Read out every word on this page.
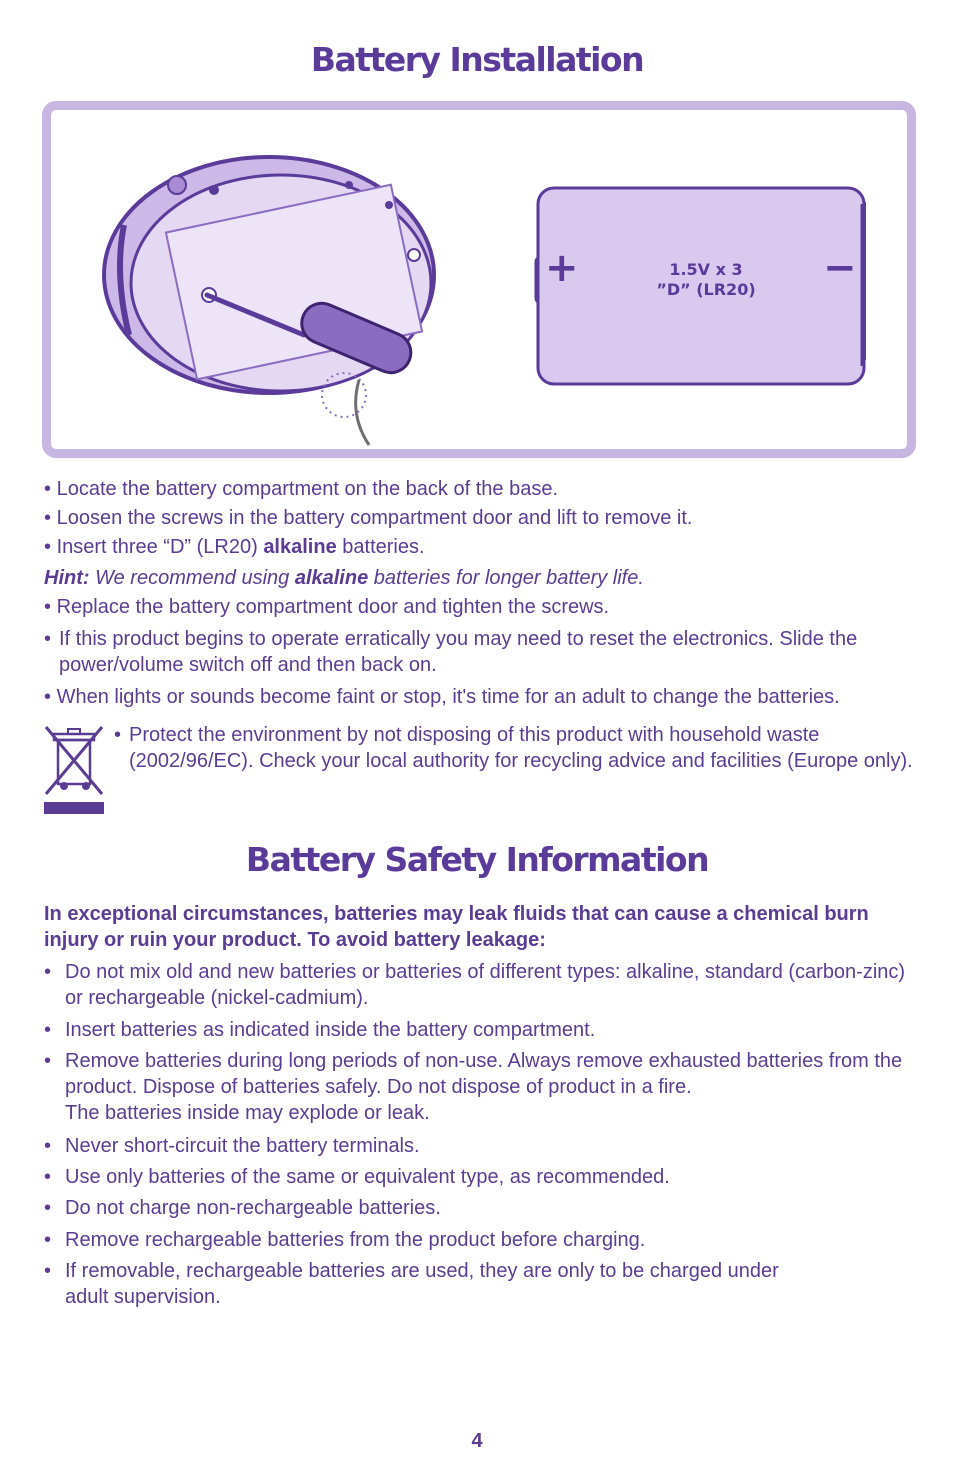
Battery Installation
+	−
1.5V x 3
”D” (LR20)
• Locate the battery compartment on the back of the base.
• Loosen the screws in the battery compartment door and lift to remove it.
• Insert three “D” (LR20) alkaline batteries.
Hint: We recommend using alkaline batteries for longer battery life.
• Replace the battery compartment door and tighten the screws.
• If this product begins to operate erratically you may need to reset the electronics. Slide the power/volume switch off and then back on.
• When lights or sounds become faint or stop, it's time for an adult to change the batteries.
• Protect the environment by not disposing of this product with household waste (2002/96/EC). Check your local authority for recycling advice and facilities (Europe only).
Battery Safety Information
In exceptional circumstances, batteries may leak fluids that can cause a chemical burn injury or ruin your product. To avoid battery leakage:
• Do not mix old and new batteries or batteries of different types: alkaline, standard (carbon-zinc) or rechargeable (nickel-cadmium).
• Insert batteries as indicated inside the battery compartment.
• Remove batteries during long periods of non-use. Always remove exhausted batteries from the product. Dispose of batteries safely. Do not dispose of product in a fire.
The batteries inside may explode or leak.
• Never short-circuit the battery terminals.
• Use only batteries of the same or equivalent type, as recommended.
• Do not charge non-rechargeable batteries.
• Remove rechargeable batteries from the product before charging.
• If removable, rechargeable batteries are used, they are only to be charged under
adult supervision.
4
